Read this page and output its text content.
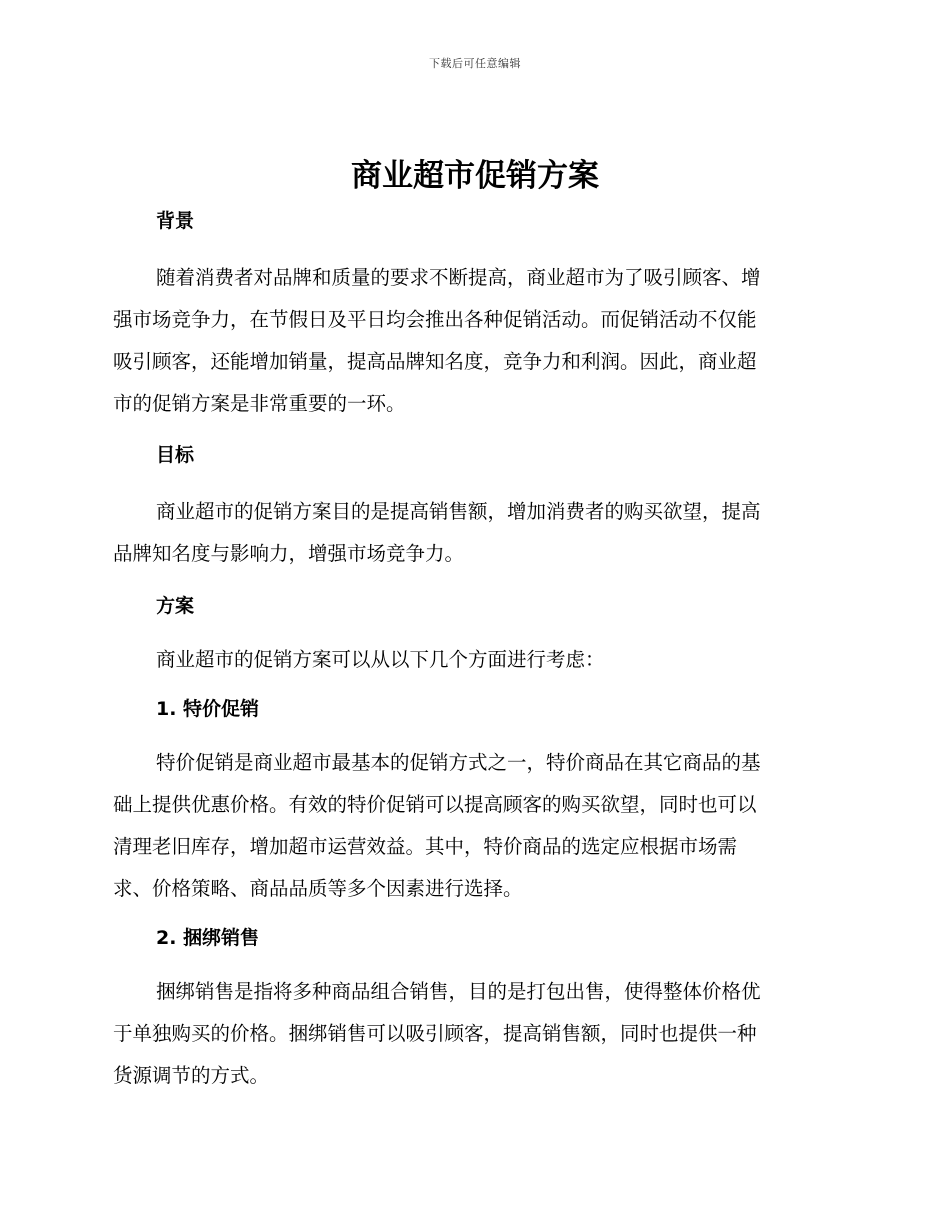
下载后可任意编辑
商业超市促销方案
背景
随着消费者对品牌和质量的要求不断提高，商业超市为了吸引顾客、增
强市场竞争力，在节假日及平日均会推出各种促销活动。而促销活动不仅能
吸引顾客，还能增加销量，提高品牌知名度，竞争力和利润。因此，商业超
市的促销方案是非常重要的一环。
目标
商业超市的促销方案目的是提高销售额，增加消费者的购买欲望，提高
品牌知名度与影响力，增强市场竞争力。
方案
商业超市的促销方案可以从以下几个方面进行考虑：
1. 特价促销
特价促销是商业超市最基本的促销方式之一，特价商品在其它商品的基
础上提供优惠价格。有效的特价促销可以提高顾客的购买欲望，同时也可以
清理老旧库存，增加超市运营效益。其中，特价商品的选定应根据市场需
求、价格策略、商品品质等多个因素进行选择。
2. 捆绑销售
捆绑销售是指将多种商品组合销售，目的是打包出售，使得整体价格优
于单独购买的价格。捆绑销售可以吸引顾客，提高销售额，同时也提供一种
货源调节的方式。
